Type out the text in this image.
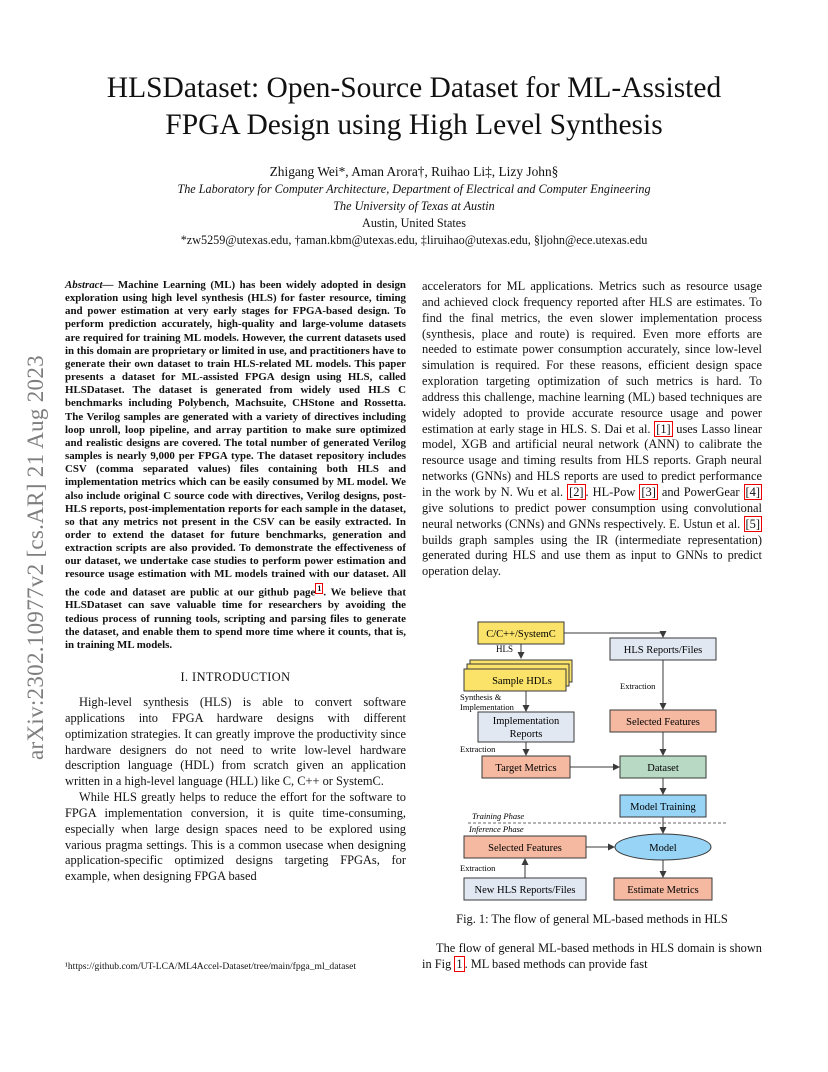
HLSDataset: Open-Source Dataset for ML-Assisted
FPGA Design using High Level Synthesis
Zhigang Wei*, Aman Arora†, Ruihao Li‡, Lizy John§
The Laboratory for Computer Architecture, Department of Electrical and Computer Engineering
The University of Texas at Austin
Austin, United States
*zw5259@utexas.edu, †aman.kbm@utexas.edu, ‡liruihao@utexas.edu, §ljohn@ece.utexas.edu
arXiv:2302.10977v2 [cs.AR] 21 Aug 2023

Abstract— Machine Learning (ML) has been widely adopted in design exploration using high level synthesis (HLS) for faster resource, timing and power estimation at very early stages for FPGA-based design. To perform prediction accurately, high-quality and large-volume datasets are required for training ML models. However, the current datasets used in this domain are proprietary or limited in use, and practitioners have to generate their own dataset to train HLS-related ML models. This paper presents a dataset for ML-assisted FPGA design using HLS, called HLSDataset. The dataset is generated from widely used HLS C benchmarks including Polybench, Machsuite, CHStone and Rossetta. The Verilog samples are generated with a variety of directives including loop unroll, loop pipeline, and array partition to make sure optimized and realistic designs are covered. The total number of generated Verilog samples is nearly 9,000 per FPGA type. The dataset repository includes CSV (comma separated values) files containing both HLS and implementation metrics which can be easily consumed by ML model. We also include original C source code with directives, Verilog designs, post-HLS reports, post-implementation reports for each sample in the dataset, so that any metrics not present in the CSV can be easily extracted. In order to extend the dataset for future benchmarks, generation and extraction scripts are also provided. To demonstrate the effectiveness of our dataset, we undertake case studies to perform power estimation and resource usage estimation with ML models trained with our dataset. All the code and dataset are public at our github page $^1$ . We believe that HLSDataset can save valuable time for researchers by avoiding the tedious process of running tools, scripting and parsing files to generate the dataset, and enable them to spend more time where it counts, that is, in training ML models.

I. INTRODUCTION

High-level synthesis (HLS) is able to convert software applications into FPGA hardware designs with different optimization strategies. It can greatly improve the productivity since hardware designers do not need to write low-level hardware description language (HDL) from scratch given an application written in a high-level language (HLL) like C, C++ or SystemC.

While HLS greatly helps to reduce the effort for the software to FPGA implementation conversion, it is quite time-consuming, especially when large design spaces need to be explored using various pragma settings. This is a common usecase when designing application-specific optimized designs targeting FPGAs, for example, when designing FPGA based

¹https://github.com/UT-LCA/ML4Accel-Dataset/tree/main/fpga_ml_dataset

accelerators for ML applications. Metrics such as resource usage and achieved clock frequency reported after HLS are estimates. To find the final metrics, the even slower implementation process (synthesis, place and route) is required. Even more efforts are needed to estimate power consumption accurately, since low-level simulation is required. For these reasons, efficient design space exploration targeting optimization of such metrics is hard. To address this challenge, machine learning (ML) based techniques are widely adopted to provide accurate resource usage and power estimation at early stage in HLS. S. Dai et al. [1] uses Lasso linear model, XGB and artificial neural network (ANN) to calibrate the resource usage and timing results from HLS reports. Graph neural networks (GNNs) and HLS reports are used to predict performance in the work by N. Wu et al. [2] . HL-Pow [3] and PowerGear [4] give solutions to predict power consumption using convolutional neural networks (CNNs) and GNNs respectively. E. Ustun et al. [5] builds graph samples using the IR (intermediate representation) generated during HLS and use them as input to GNNs to predict operation delay.

C/C++/SystemC
Sample HDLs
Implementation
Reports
Target Metrics
Selected Features
New HLS Reports/Files
HLS Reports/Files
Selected Features
Dataset
Model Training
Model
Estimate Metrics
HLS
Extraction
Synthesis &
Implementation
Extraction
Training Phase
Inference Phase
Extraction
Fig. 1: The flow of general ML-based methods in HLS

The flow of general ML-based methods in HLS domain is shown in Fig 1 . ML based methods can provide fast
